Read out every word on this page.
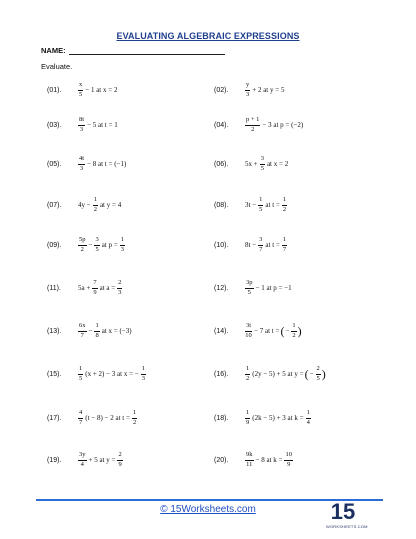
EVALUATING ALGEBRAIC EXPRESSIONS
NAME:
Evaluate.
(01).	$\frac{x}{5} - 1$ at x = 2	(02).	$\frac{y}{3} + 2$ at y = 5
(03).	$\frac{8t}{3} - 5$ at t = 1	(04).	$\frac{p + 1}{2} - 3$ at p = (−2)
(05).	$\frac{4t}{3} - 8$ at t = (−1)	(06).	$5x + \frac{3}{5}$ at x = 2
(07).	$4y - \frac{1}{2}$ at y = 4	(08).	$3t - \frac{1}{5}$ at $t = \frac{1}{2}$
(09).	$\frac{5p}{2} - \frac{3}{5}$ at $p = \frac{1}{3}$	(10).	$8t - \frac{3}{7}$ at $t = \frac{1}{7}$
(11).	$5a + \frac{7}{9}$ at $a = \frac{2}{3}$	(12).	$\frac{3p}{5} - 1$ at p = −1
(13).	$\frac{6x}{7} - \frac{1}{8}$ at x = (−3)	(14).	$\frac{3t}{10} - 7$ at t = ( − $\frac{1}{2}$ )
(15).	$\frac{1}{5} (x + 2) - 3$ at x = − $\frac{1}{3}$	(16).	$\frac{1}{2} (2y - 5) + 5$ at y = ( − $\frac{2}{5}$ )
(17).	$\frac{4}{7} (t - 8) - 2$ at $t = \frac{1}{2}$	(18).	$\frac{1}{9} (2k - 5) + 3$ at $k = \frac{1}{4}$
(19).	$\frac{3y}{4} + 5$ at $y = \frac{2}{9}$	(20).	$\frac{9k}{11} - 8$ at $k = \frac{10}{9}$
© 15Worksheets.com	15
WORKSHEETS.COM
